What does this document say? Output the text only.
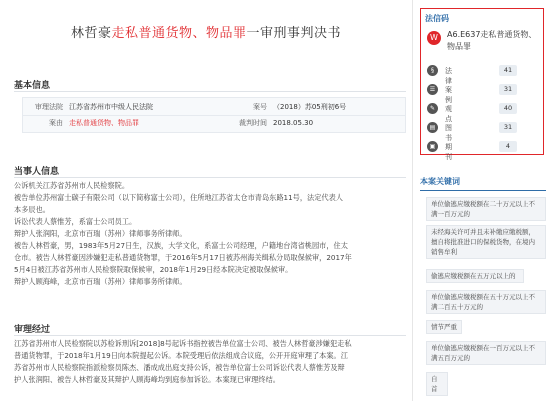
林哲豪走私普通货物、物品罪一审刑事判决书
基本信息
审理法院	江苏省苏州市中级人民法院	案号	（2018）苏05刑初6号
案由	走私普通货物、物品罪	裁判时间	2018.05.30
当事人信息
公诉机关江苏省苏州市人民检察院。
被告单位苏州富士碳子有限公司（以下简称富士公司），住所地江苏省太仓市青岛东路11号，法定代表人
本多辰也。
诉讼代表人蔡惟芳，系富士公司员工。
辩护人张润阳，北京市百瑞（苏州）律师事务所律师。
被告人林哲豪，男，1983年5月27日生，汉族，大学文化，系富士公司经理，户籍地台湾省桃园市，住太
仓市。被告人林哲豪因涉嫌犯走私普通货物罪，于2016年5月17日被苏州海关缉私分局取保候审，2017年
5月4日被江苏省苏州市人民检察院取保候审，2018年1月29日经本院决定被取保候审。
辩护人顾海峰，北京市百瑞（苏州）律师事务所律师。
审理经过
江苏省苏州市人民检察院以苏检诉刑诉[2018]8号起诉书指控被告单位富士公司、被告人林哲豪涉嫌犯走私
普通货物罪，于2018年1月19日向本院提起公诉。本院受理后依法组成合议庭，公开开庭审理了本案。江
苏省苏州市人民检察院指派检察员陈杰、潘成成出庭支持公诉，被告单位富士公司诉讼代表人蔡惟芳及辩
护人张润阳、被告人林哲豪及其辩护人顾海峰均到庭参加诉讼。本案现已审理终结。
法信码
W	A6.E637走私普通货物、物品罪
§	法律
41
☰	案例
31
✎	观点
40
▤	图书
31
▣	期刊
4
本案关键词
单位偷逃应缴税额在二十万元以上不满一百万元的
未经海关许可并且未补缴应缴税额，擅自将批准进口的保税货物，在境内销售牟利
偷逃应缴税额在五万元以上的
单位偷逃应缴税额在五十万元以上不满二百五十万元的
情节严重
单位偷逃应缴税额在一百万元以上不满五百万元的
自首
